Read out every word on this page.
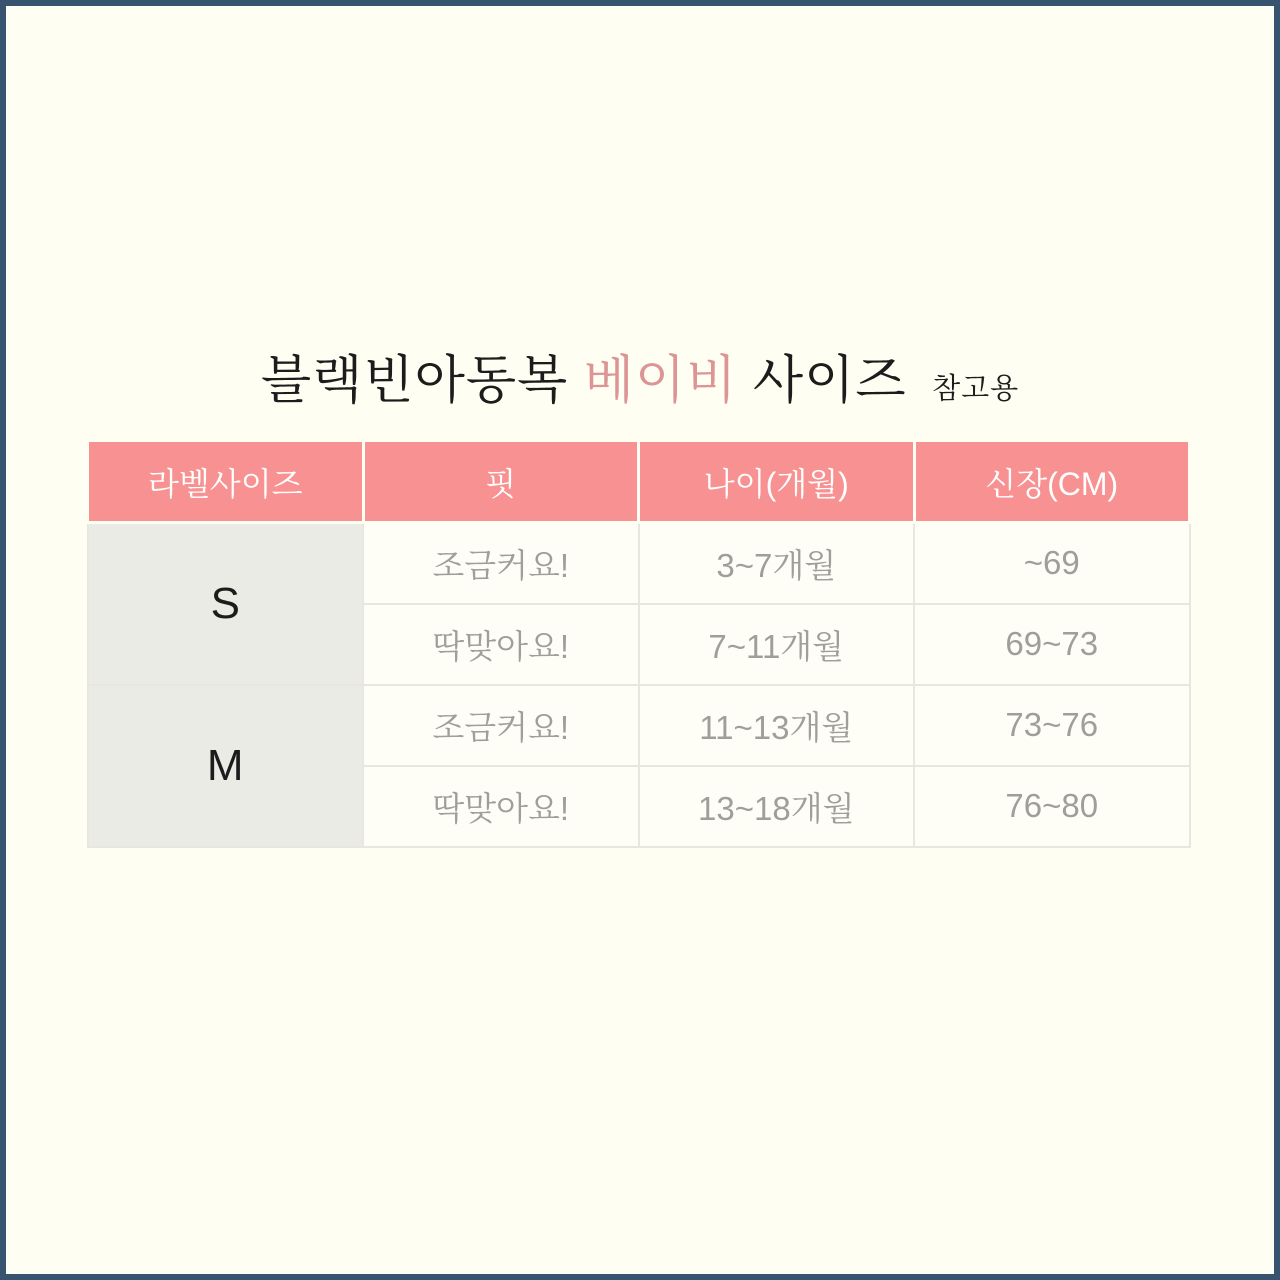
블랙빈아동복 베이비 사이즈 참고용
라벨사이즈	핏	나이(개월)	신장(CM)
S	조금커요!	3~7개월	~69
	딱맞아요!	7~11개월	69~73
M	조금커요!	11~13개월	73~76
	딱맞아요!	13~18개월	76~80
